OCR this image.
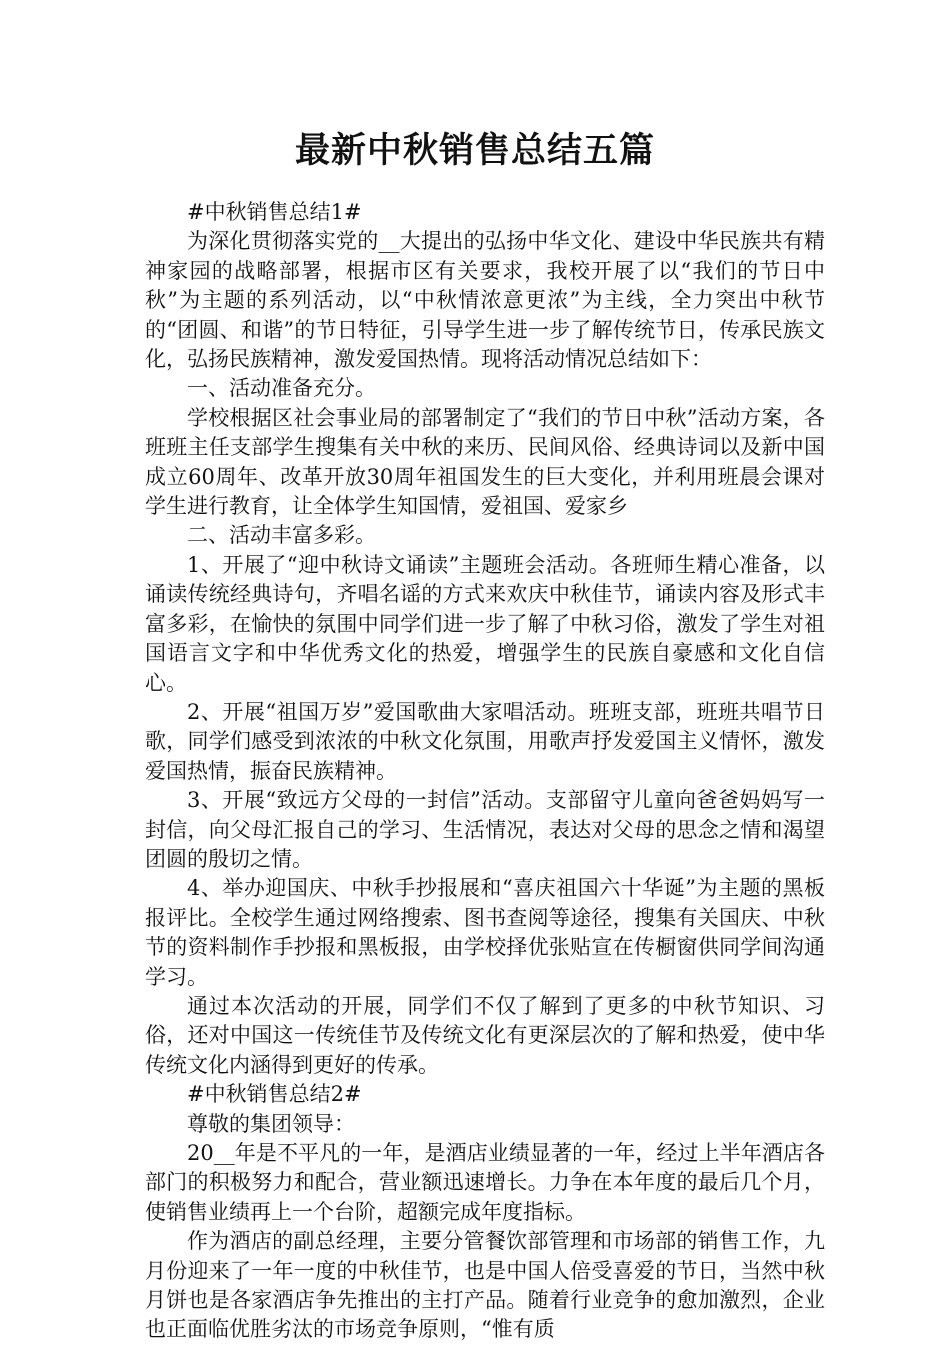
最新中秋销售总结五篇

#中秋销售总结1#

为深化贯彻落实党的__大提出的弘扬中华文化、建设中华民族共有精神家园的战略部署，根据市区有关要求，我校开展了以“我们的节日中秋”为主题的系列活动，以“中秋情浓意更浓”为主线，全力突出中秋节的“团圆、和谐”的节日特征，引导学生进一步了解传统节日，传承民族文化，弘扬民族精神，激发爱国热情。现将活动情况总结如下：

一、活动准备充分。

学校根据区社会事业局的部署制定了“我们的节日中秋”活动方案，各班班主任支部学生搜集有关中秋的来历、民间风俗、经典诗词以及新中国成立60周年、改革开放30周年祖国发生的巨大变化，并利用班晨会课对学生进行教育，让全体学生知国情，爱祖国、爱家乡

二、活动丰富多彩。

1、开展了“迎中秋诗文诵读”主题班会活动。各班师生精心准备，以诵读传统经典诗句，齐唱名谣的方式来欢庆中秋佳节，诵读内容及形式丰富多彩，在愉快的氛围中同学们进一步了解了中秋习俗，激发了学生对祖国语言文字和中华优秀文化的热爱，增强学生的民族自豪感和文化自信心。

2、开展“祖国万岁”爱国歌曲大家唱活动。班班支部，班班共唱节日歌，同学们感受到浓浓的中秋文化氛围，用歌声抒发爱国主义情怀，激发爱国热情，振奋民族精神。

3、开展“致远方父母的一封信”活动。支部留守儿童向爸爸妈妈写一封信，向父母汇报自己的学习、生活情况，表达对父母的思念之情和渴望团圆的殷切之情。

4、举办迎国庆、中秋手抄报展和“喜庆祖国六十华诞”为主题的黑板报评比。全校学生通过网络搜索、图书查阅等途径，搜集有关国庆、中秋节的资料制作手抄报和黑板报，由学校择优张贴宣在传橱窗供同学间沟通学习。

通过本次活动的开展，同学们不仅了解到了更多的中秋节知识、习俗，还对中国这一传统佳节及传统文化有更深层次的了解和热爱，使中华传统文化内涵得到更好的传承。

#中秋销售总结2#

尊敬的集团领导：

20__年是不平凡的一年，是酒店业绩显著的一年，经过上半年酒店各部门的积极努力和配合，营业额迅速增长。力争在本年度的最后几个月，使销售业绩再上一个台阶，超额完成年度指标。

作为酒店的副总经理，主要分管餐饮部管理和市场部的销售工作，九月份迎来了一年一度的中秋佳节，也是中国人倍受喜爱的节日，当然中秋月饼也是各家酒店争先推出的主打产品。随着行业竞争的愈加激烈，企业也正面临优胜劣汰的市场竞争原则，“惟有质
